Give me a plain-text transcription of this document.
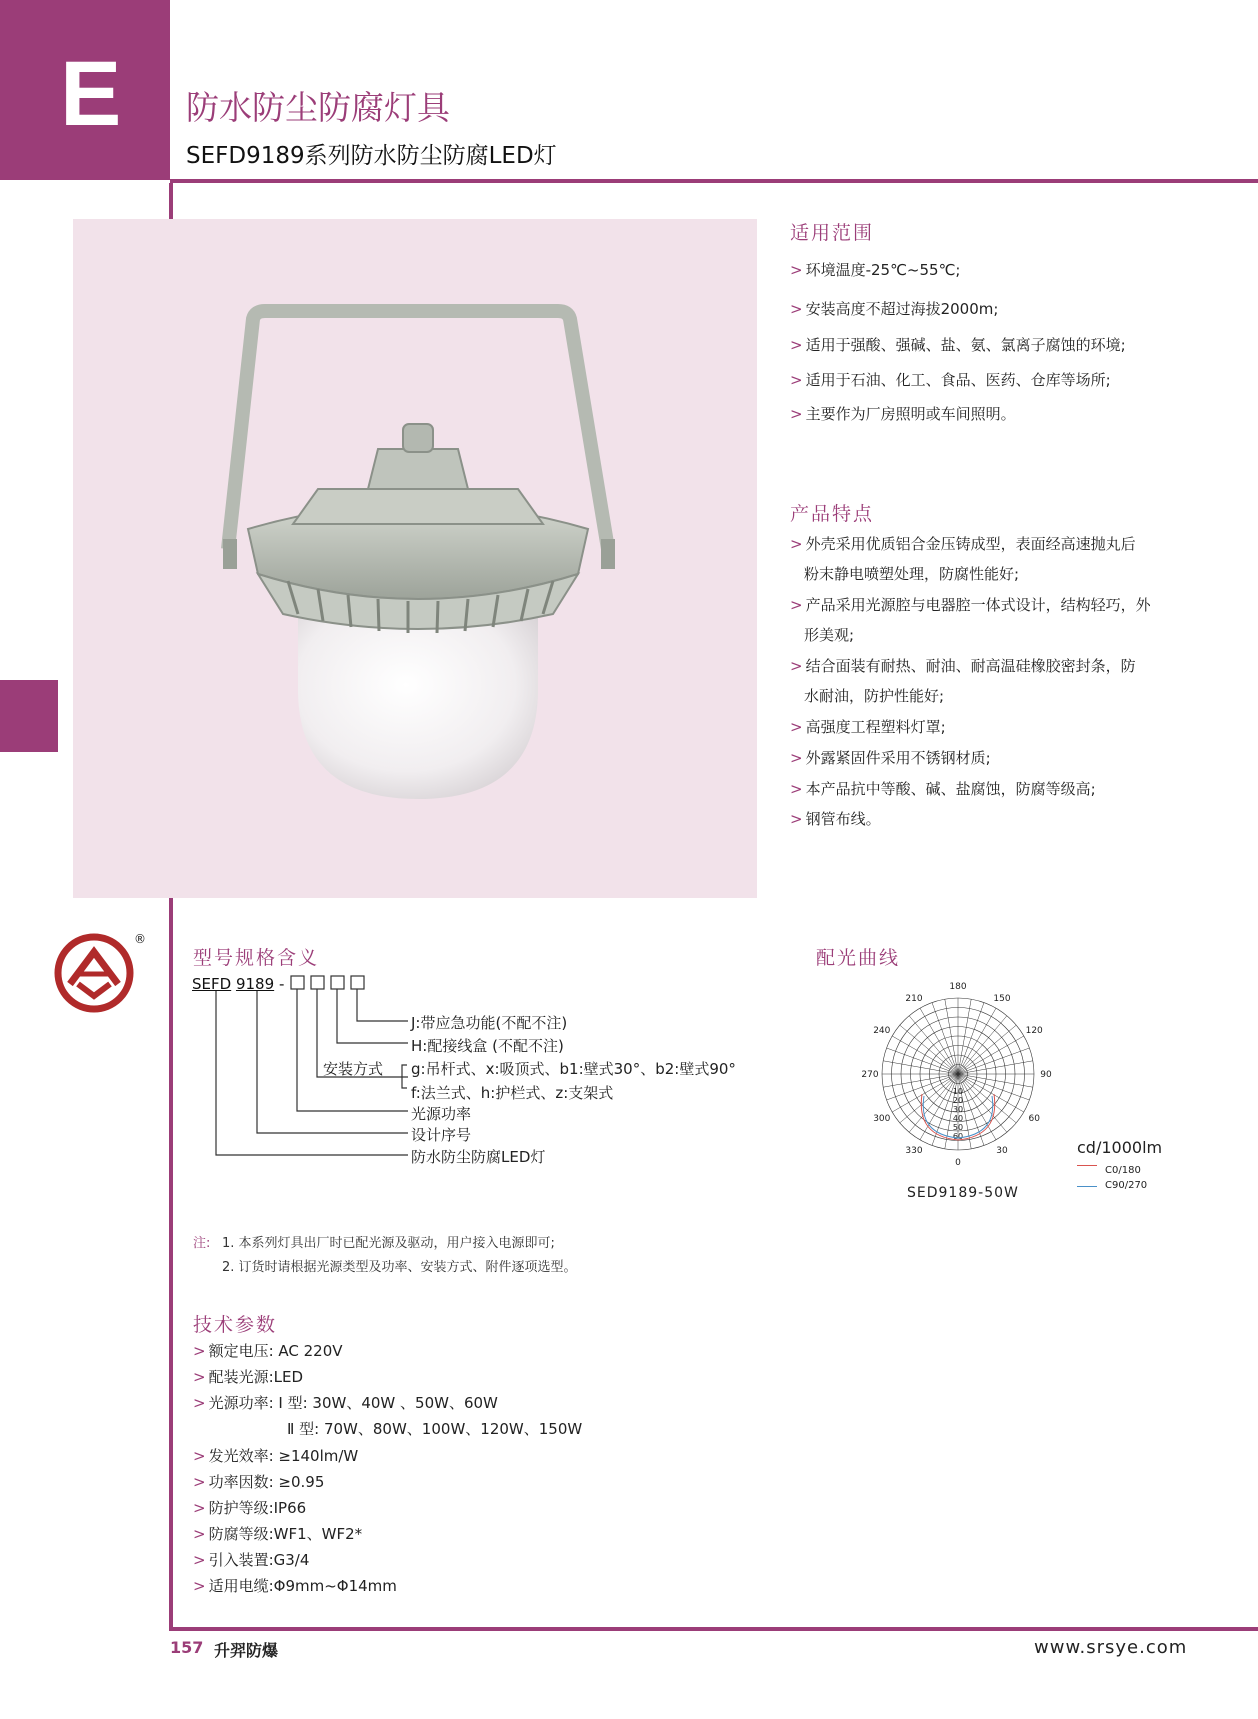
E 防水防尘防腐灯具
SEFD9189系列防水防尘防腐LED灯
适用范围
> 环境温度-25℃~55℃;
> 安装高度不超过海拔2000m;
> 适用于强酸、强碱、盐、氨、氯离子腐蚀的环境;
> 适用于石油、化工、食品、医药、仓库等场所;
> 主要作为厂房照明或车间照明。
产品特点
> 外壳采用优质铝合金压铸成型，表面经高速抛丸后
粉末静电喷塑处理，防腐性能好;
> 产品采用光源腔与电器腔一体式设计，结构轻巧，外
形美观;
> 结合面装有耐热、耐油、耐高温硅橡胶密封条，防
水耐油，防护性能好;
> 高强度工程塑料灯罩;
> 外露紧固件采用不锈钢材质;
> 本产品抗中等酸、碱、盐腐蚀，防腐等级高;
> 钢管布线。
®
型号规格含义
SEFD 9189 -
J:带应急功能(不配不注)
H:配接线盒 (不配不注)
安装方式 g:吊杆式、x:吸顶式、b1:壁式30°、b2:壁式90°
f:法兰式、h:护栏式、z:支架式
光源功率
设计序号
防水防尘防腐LED灯
配光曲线
180
150
120
90
60
30
0
330
300
270
240
210
10
20
30
40
50
60
cd/1000lm
C0/180
C90/270
SED9189-50W
注: 1. 本系列灯具出厂时已配光源及驱动，用户接入电源即可;
2. 订货时请根据光源类型及功率、安装方式、附件逐项选型。
技术参数
> 额定电压: AC 220V
> 配装光源:LED
> 光源功率: Ⅰ 型: 30W、40W 、50W、60W
Ⅱ 型: 70W、80W、100W、120W、150W
> 发光效率: ≥140lm/W
> 功率因数: ≥0.95
> 防护等级:IP66
> 防腐等级:WF1、WF2*
> 引入装置:G3/4
> 适用电缆:Φ9mm~Φ14mm
157 升羿防爆	www.srsye.com
